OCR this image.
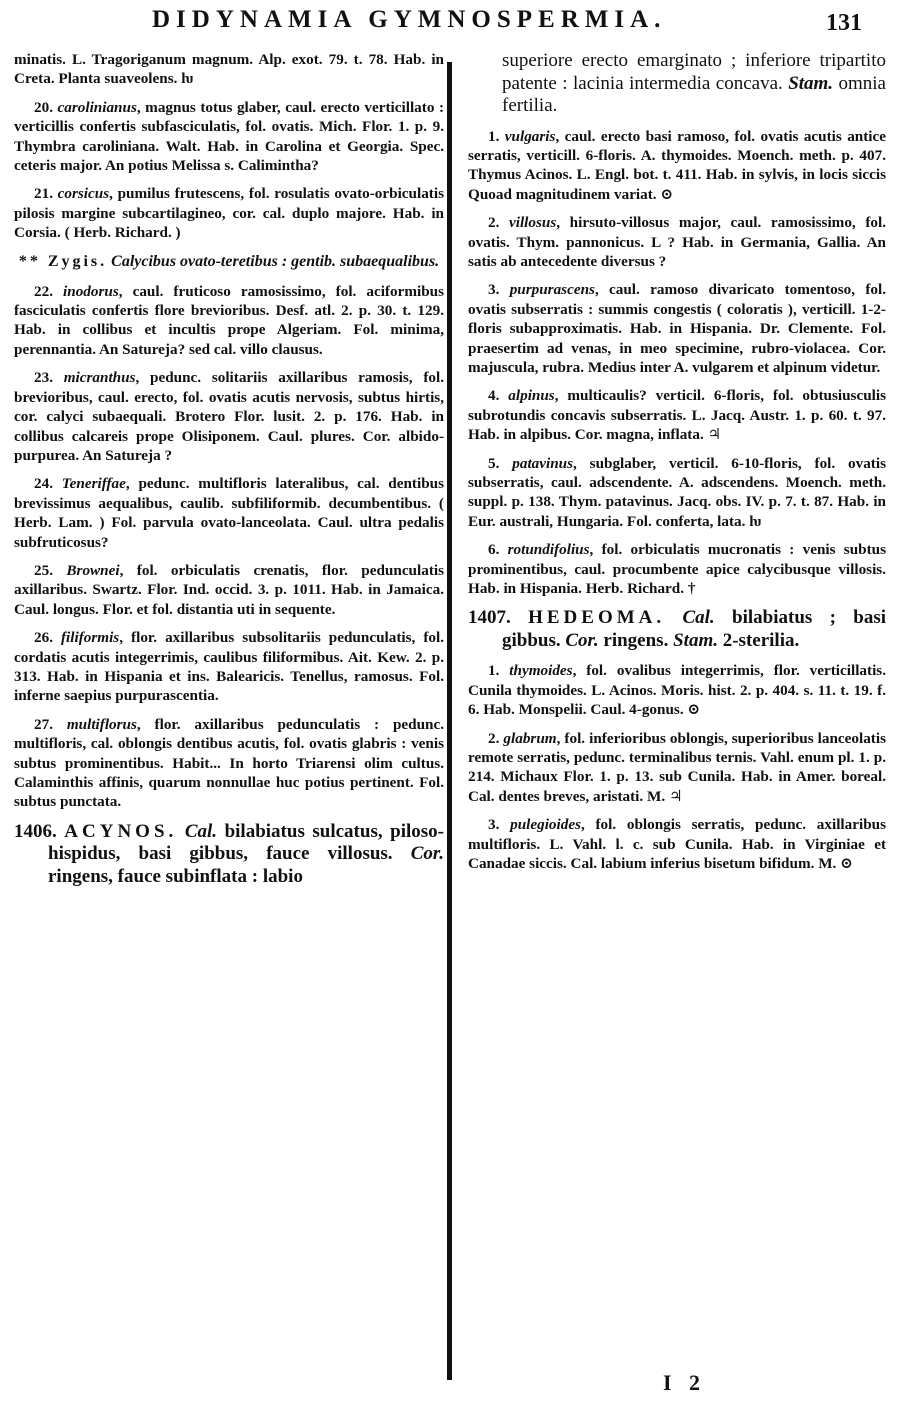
DIDYNAMIA GYMNOSPERMIA.	131

minatis. L. Tragoriganum magnum. Alp. exot. 79. t. 78. Hab. in Creta. Planta suaveolens. ƕ

20. carolinianus, magnus totus glaber, caul. erecto verticillato : verticillis confertis subfasciculatis, fol. ovatis. Mich. Flor. 1. p. 9. Thymbra caroliniana. Walt. Hab. in Carolina et Georgia. Spec. ceteris major. An potius Melissa s. Calimintha?

21. corsicus, pumilus frutescens, fol. rosulatis ovato-orbiculatis pilosis margine subcartilagineo, cor. cal. duplo majore. Hab. in Corsia. ( Herb. Richard. )

** Zygis. Calycibus ovato-teretibus : gentib. subaequalibus.

22. inodorus, caul. fruticoso ramosissimo, fol. aciformibus fasciculatis confertis flore brevioribus. Desf. atl. 2. p. 30. t. 129. Hab. in collibus et incultis prope Algeriam. Fol. minima, perennantia. An Satureja? sed cal. villo clausus.

23. micranthus, pedunc. solitariis axillaribus ramosis, fol. brevioribus, caul. erecto, fol. ovatis acutis nervosis, subtus hirtis, cor. calyci subaequali. Brotero Flor. lusit. 2. p. 176. Hab. in collibus calcareis prope Olisiponem. Caul. plures. Cor. albido-purpurea. An Satureja ?

24. Teneriffae, pedunc. multifloris lateralibus, cal. dentibus brevissimus aequalibus, caulib. subfiliformib. decumbentibus. ( Herb. Lam. ) Fol. parvula ovato-lanceolata. Caul. ultra pedalis subfruticosus?

25. Brownei, fol. orbiculatis crenatis, flor. pedunculatis axillaribus. Swartz. Flor. Ind. occid. 3. p. 1011. Hab. in Jamaica. Caul. longus. Flor. et fol. distantia uti in sequente.

26. filiformis, flor. axillaribus subsolitariis pedunculatis, fol. cordatis acutis integerrimis, caulibus filiformibus. Ait. Kew. 2. p. 313. Hab. in Hispania et ins. Balearicis. Tenellus, ramosus. Fol. inferne saepius purpurascentia.

27. multiflorus, flor. axillaribus pedunculatis : pedunc. multifloris, cal. oblongis dentibus acutis, fol. ovatis glabris : venis subtus prominentibus. Habit... In horto Triarensi olim cultus. Calaminthis affinis, quarum nonnullae huc potius pertinent. Fol. subtus punctata.

1406. ACYNOS. Cal. bilabiatus sulcatus, piloso-hispidus, basi gibbus, fauce villosus. Cor. ringens, fauce subinflata : labio

superiore erecto emarginato ; inferiore tripartito patente : lacinia intermedia concava. Stam. omnia fertilia.

1. vulgaris, caul. erecto basi ramoso, fol. ovatis acutis antice serratis, verticill. 6-floris. A. thymoides. Moench. meth. p. 407. Thymus Acinos. L. Engl. bot. t. 411. Hab. in sylvis, in locis siccis Quoad magnitudinem variat. ⊙

2. villosus, hirsuto-villosus major, caul. ramosissimo, fol. ovatis. Thym. pannonicus. L ? Hab. in Germania, Gallia. An satis ab antecedente diversus ?

3. purpurascens, caul. ramoso divaricato tomentoso, fol. ovatis subserratis : summis congestis ( coloratis ), verticill. 1-2-floris subapproximatis. Hab. in Hispania. Dr. Clemente. Fol. praesertim ad venas, in meo specimine, rubro-violacea. Cor. majuscula, rubra. Medius inter A. vulgarem et alpinum videtur.

4. alpinus, multicaulis? verticil. 6-floris, fol. obtusiusculis subrotundis concavis subserratis. L. Jacq. Austr. 1. p. 60. t. 97. Hab. in alpibus. Cor. magna, inflata. ♃

5. patavinus, subglaber, verticil. 6-10-floris, fol. ovatis subserratis, caul. adscendente. A. adscendens. Moench. meth. suppl. p. 138. Thym. patavinus. Jacq. obs. IV. p. 7. t. 87. Hab. in Eur. australi, Hungaria. Fol. conferta, lata. ƕ

6. rotundifolius, fol. orbiculatis mucronatis : venis subtus prominentibus, caul. procumbente apice calycibusque villosis. Hab. in Hispania. Herb. Richard. †

1407. HEDEOMA. Cal. bilabiatus ; basi gibbus. Cor. ringens. Stam. 2-sterilia.

1. thymoides, fol. ovalibus integerrimis, flor. verticillatis. Cunila thymoides. L. Acinos. Moris. hist. 2. p. 404. s. 11. t. 19. f. 6. Hab. Monspelii. Caul. 4-gonus. ⊙

2. glabrum, fol. inferioribus oblongis, superioribus lanceolatis remote serratis, pedunc. terminalibus ternis. Vahl. enum pl. 1. p. 214. Michaux Flor. 1. p. 13. sub Cunila. Hab. in Amer. boreal. Cal. dentes breves, aristati. M. ♃

3. pulegioides, fol. oblongis serratis, pedunc. axillaribus multifloris. L. Vahl. l. c. sub Cunila. Hab. in Virginiae et Canadae siccis. Cal. labium inferius bisetum bifidum. M. ⊙

I 2
